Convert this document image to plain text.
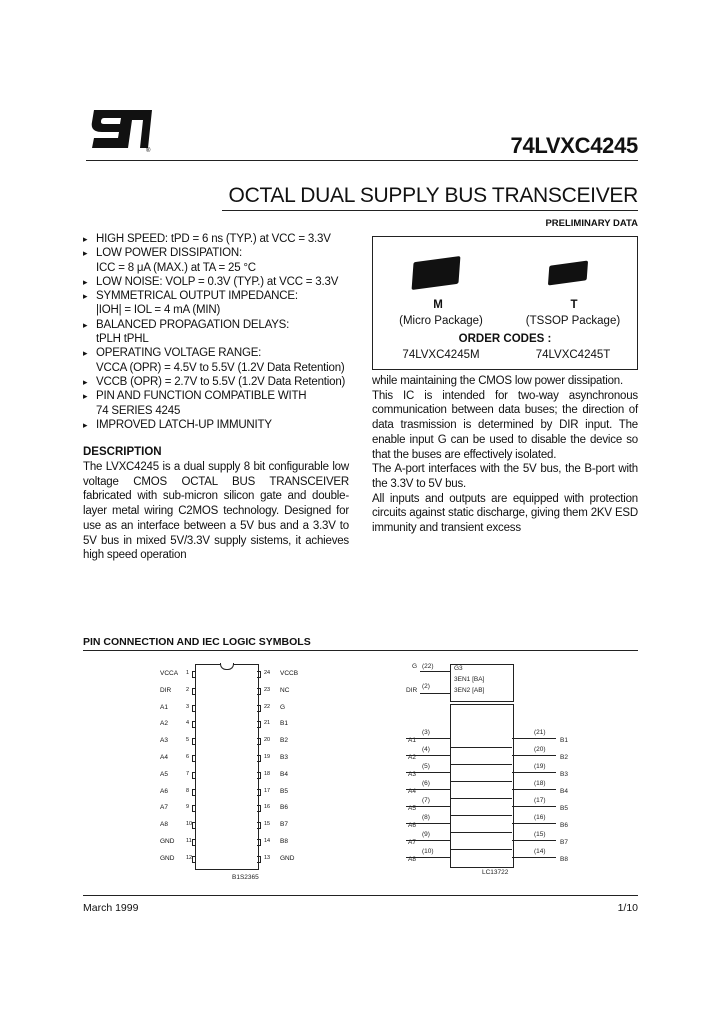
®	74LVXC4245
OCTAL DUAL SUPPLY BUS TRANSCEIVER
PRELIMINARY DATA
▸ HIGH SPEED: tPD = 6 ns (TYP.) at VCC = 3.3V
▸ LOW POWER DISSIPATION:
ICC = 8 μA (MAX.) at TA = 25 °C
▸ LOW NOISE: VOLP = 0.3V (TYP.) at VCC = 3.3V
▸ SYMMETRICAL OUTPUT IMPEDANCE:
|IOH| = IOL = 4 mA (MIN)
▸ BALANCED PROPAGATION DELAYS:
tPLH tPHL
▸ OPERATING VOLTAGE RANGE:
VCCA (OPR) = 4.5V to 5.5V (1.2V Data Retention)
▸ VCCB (OPR) = 2.7V to 5.5V (1.2V Data Retention)
▸ PIN AND FUNCTION COMPATIBLE WITH
74 SERIES 4245
▸ IMPROVED LATCH-UP IMMUNITY
M	T
(Micro Package)	(TSSOP Package)
ORDER CODES :
74LVXC4245M	74LVXC4245T
DESCRIPTION
The LVXC4245 is a dual supply 8 bit configurable low voltage CMOS OCTAL BUS TRANSCEIVER fabricated with sub-micron silicon gate and double-layer metal wiring C2MOS technology. Designed for use as an interface between a 5V bus and a 3.3V to 5V bus in mixed 5V/3.3V supply sistems, it achieves high speed operation
while maintaining the CMOS low power dissipation.
This IC is intended for two-way asynchronous communication between data buses; the direction of data trasmission is determined by DIR input. The enable input G can be used to disable the device so that the buses are effectively isolated.
The A-port interfaces with the 5V bus, the B-port with the 3.3V to 5V bus.
All inputs and outputs are equipped with protection circuits against static discharge, giving them 2KV ESD immunity and transient excess
PIN CONNECTION AND IEC LOGIC SYMBOLS
VCCA	1	24 VCCB
DIR	2	23 NC
A1	3	22 G
A2	4	21 B1
A3	5	20 B2
A4	6	19 B3
A5	7	18 B4
A6	8	17 B5
A7	9	16 B6
A8	10	15 B7
GND	11	14 B8
GND	12	13 GND
B1S2365
G (22)
DIR
(2)
G3
3EN1 [BA]
3EN2 [AB]
A1
(3)	(21)
B1
A2
(4)	(20)
B2
A3
(5)	(19)
B3
A4
(6)	(18)
B4
A5
(7)	(17)
B5
A6
(8)	(16)
B6
A7
(9)	(15)
B7
A8
(10)	(14)
B8
LC13722
March 1999	1/10
